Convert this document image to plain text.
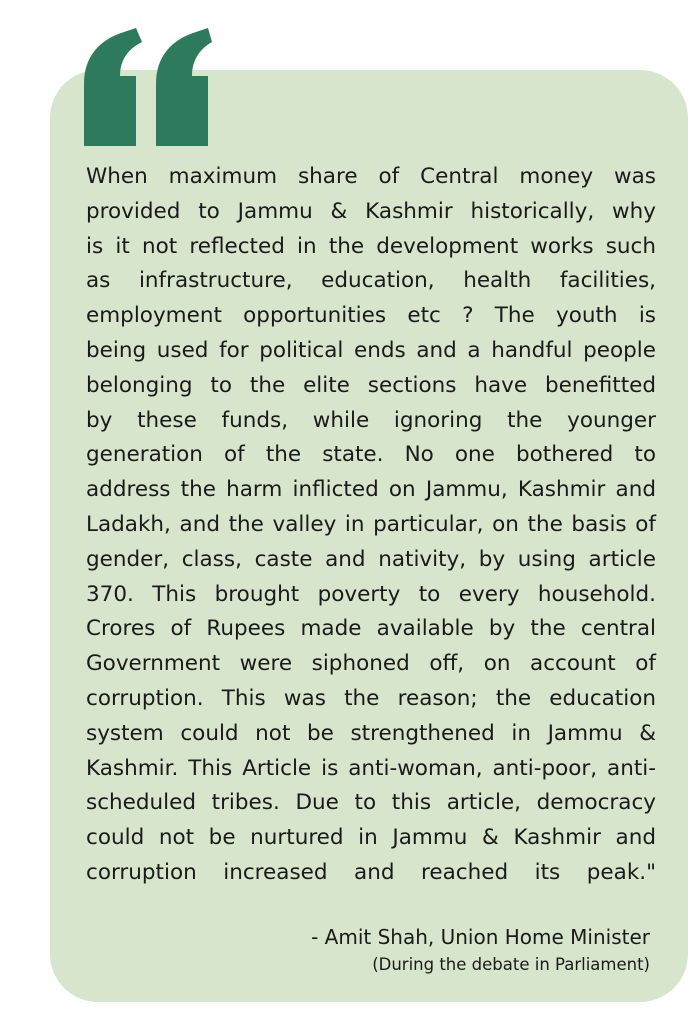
When maximum share of Central money was
provided to Jammu & Kashmir historically, why
is it not reflected in the development works such
as infrastructure, education, health facilities,
employment opportunities etc ? The youth is
being used for political ends and a handful people
belonging to the elite sections have benefitted
by these funds, while ignoring the younger
generation of the state. No one bothered to
address the harm inflicted on Jammu, Kashmir and
Ladakh, and the valley in particular, on the basis of
gender, class, caste and nativity, by using article
370. This brought poverty to every household.
Crores of Rupees made available by the central
Government were siphoned off, on account of
corruption. This was the reason; the education
system could not be strengthened in Jammu &
Kashmir. This Article is anti-woman, anti-poor, anti-
scheduled tribes. Due to this article, democracy
could not be nurtured in Jammu & Kashmir and
corruption increased and reached its peak."

- Amit Shah, Union Home Minister
(During the debate in Parliament)
